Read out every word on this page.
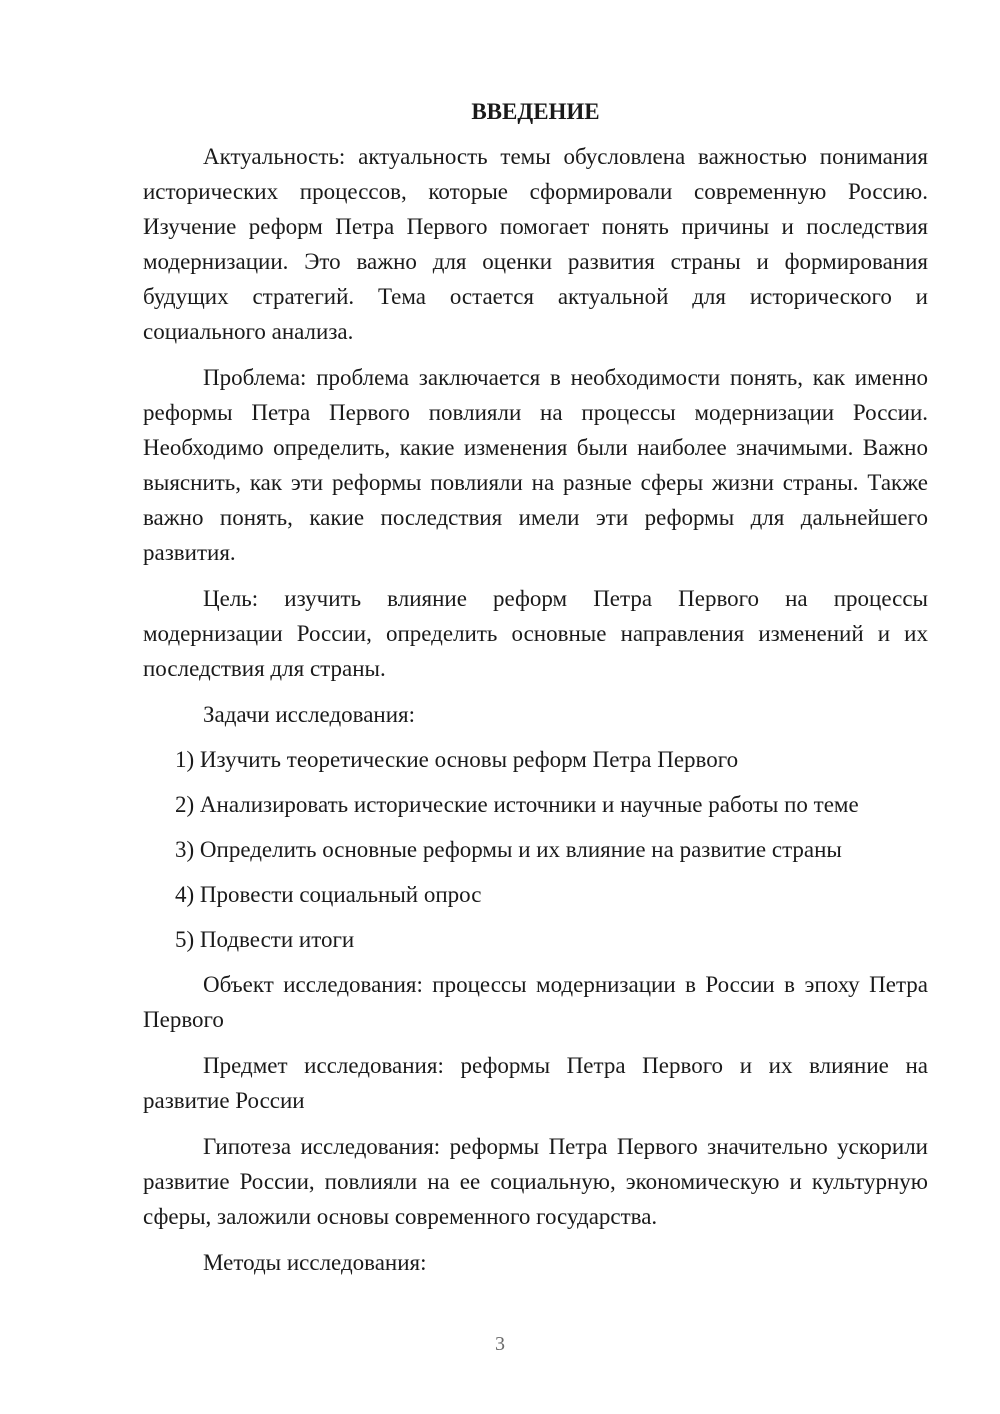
ВВЕДЕНИЕ

Актуальность: актуальность темы обусловлена важностью понимания исторических процессов, которые сформировали современную Россию. Изучение реформ Петра Первого помогает понять причины и последствия модернизации. Это важно для оценки развития страны и формирования будущих стратегий. Тема остается актуальной для исторического и социального анализа.

Проблема: проблема заключается в необходимости понять, как именно реформы Петра Первого повлияли на процессы модернизации России. Необходимо определить, какие изменения были наиболее значимыми. Важно выяснить, как эти реформы повлияли на разные сферы жизни страны. Также важно понять, какие последствия имели эти реформы для дальнейшего развития.

Цель: изучить влияние реформ Петра Первого на процессы модернизации России, определить основные направления изменений и их последствия для страны.

Задачи исследования:

1) Изучить теоретические основы реформ Петра Первого
2) Анализировать исторические источники и научные работы по теме
3) Определить основные реформы и их влияние на развитие страны
4) Провести социальный опрос
5) Подвести итоги

Объект исследования: процессы модернизации в России в эпоху Петра Первого

Предмет исследования: реформы Петра Первого и их влияние на развитие России

Гипотеза исследования: реформы Петра Первого значительно ускорили развитие России, повлияли на ее социальную, экономическую и культурную сферы, заложили основы современного государства.

Методы исследования:

3
